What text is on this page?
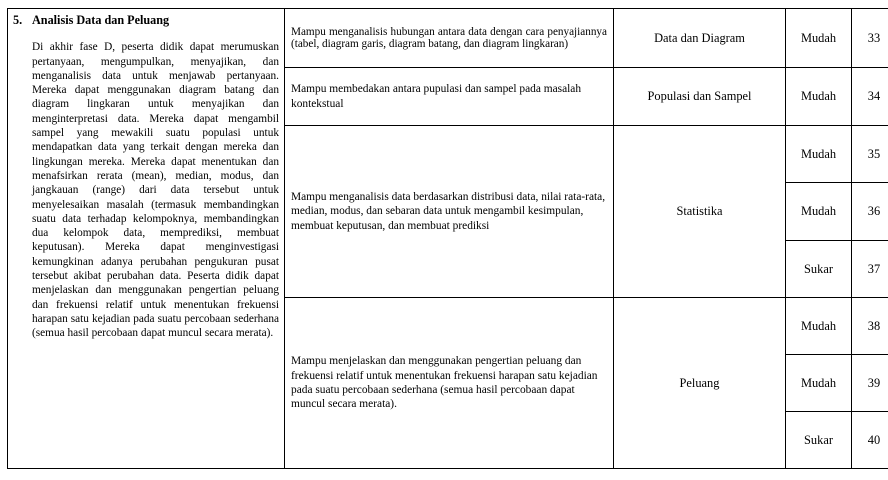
5. Analisis Data dan Peluang
Di akhir fase D, peserta didik dapat merumuskan pertanyaan, mengumpulkan, menyajikan, dan menganalisis data untuk menjawab pertanyaan. Mereka dapat menggunakan diagram batang dan diagram lingkaran untuk menyajikan dan menginterpretasi data. Mereka dapat mengambil sampel yang mewakili suatu populasi untuk mendapatkan data yang terkait dengan mereka dan lingkungan mereka. Mereka dapat menentukan dan menafsirkan rerata (mean), median, modus, dan jangkauan (range) dari data tersebut untuk menyelesaikan masalah (termasuk membandingkan suatu data terhadap kelompoknya, membandingkan dua kelompok data, memprediksi, membuat keputusan). Mereka dapat menginvestigasi kemungkinan adanya perubahan pengukuran pusat tersebut akibat perubahan data. Peserta didik dapat menjelaskan dan menggunakan pengertian peluang dan frekuensi relatif untuk menentukan frekuensi harapan satu kejadian pada suatu percobaan sederhana (semua hasil percobaan dapat muncul secara merata).	Mampu menganalisis hubungan antara data dengan cara penyajiannya (tabel, diagram garis, diagram batang, dan diagram lingkaran)	Data dan Diagram	Mudah	33

	Mampu membedakan antara pupulasi dan sampel pada masalah kontekstual	Populasi dan Sampel	Mudah	34

	Mampu menganalisis data berdasarkan distribusi data, nilai rata-rata, median, modus, dan sebaran data untuk mengambil kesimpulan, membuat keputusan, dan membuat prediksi	Statistika	Mudah	35
			Mudah	36
			Sukar	37

	Mampu menjelaskan dan menggunakan pengertian peluang dan frekuensi relatif untuk menentukan frekuensi harapan satu kejadian pada suatu percobaan sederhana (semua hasil percobaan dapat muncul secara merata).	Peluang	Mudah	38
			Mudah	39
			Sukar	40
